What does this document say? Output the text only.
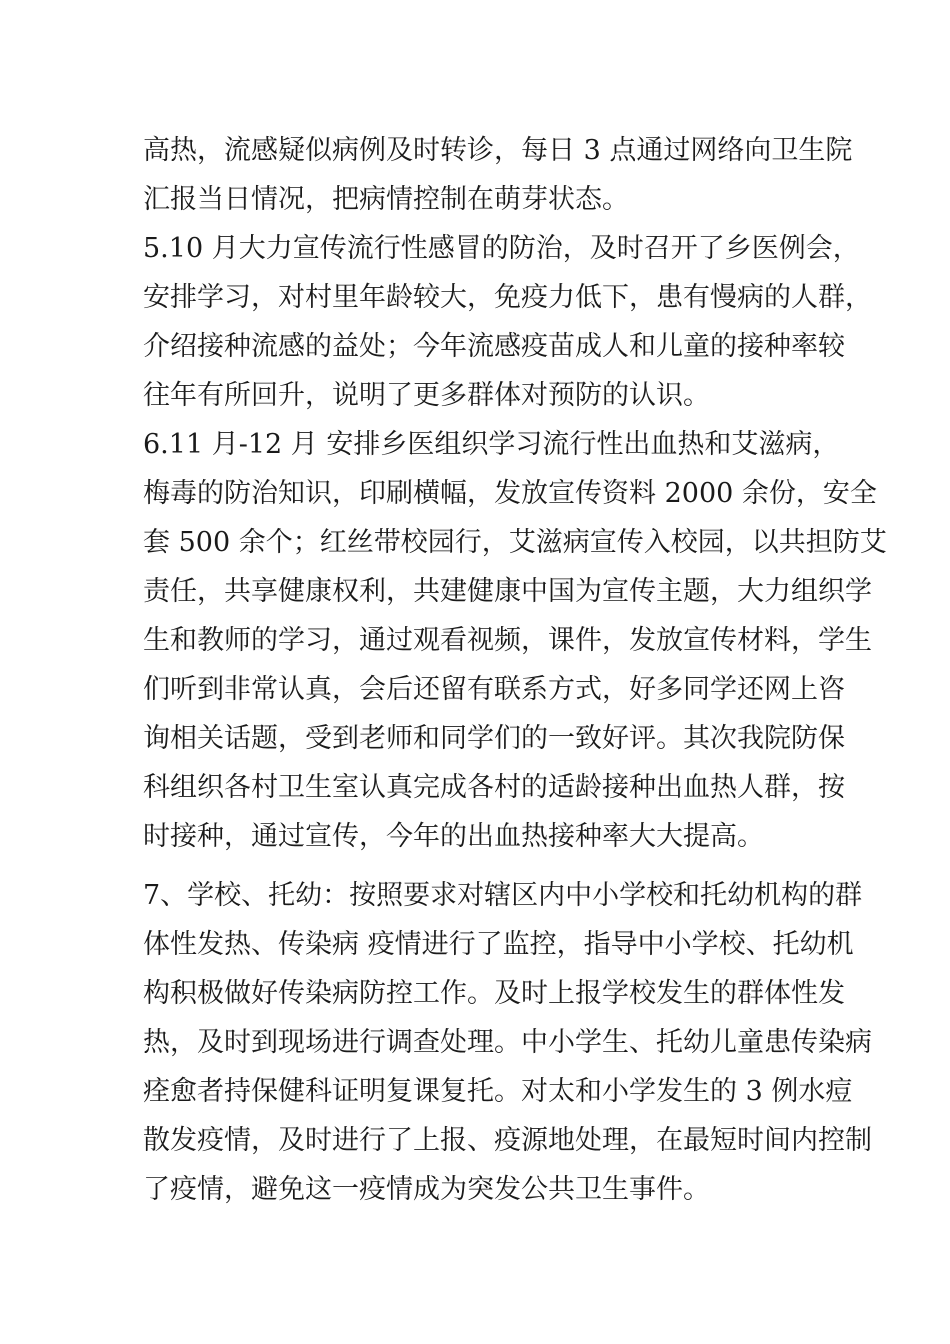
高热，流感疑似病例及时转诊，每日 3 点通过网络向卫生院
汇报当日情况，把病情控制在萌芽状态。
5.10 月大力宣传流行性感冒的防治，及时召开了乡医例会，
安排学习，对村里年龄较大，免疫力低下，患有慢病的人群，
介绍接种流感的益处；今年流感疫苗成人和儿童的接种率较
往年有所回升，说明了更多群体对预防的认识。
6.11 月-12 月 安排乡医组织学习流行性出血热和艾滋病，
梅毒的防治知识，印刷横幅，发放宣传资料 2000 余份，安全
套 500 余个；红丝带校园行，艾滋病宣传入校园，以共担防艾
责任，共享健康权利，共建健康中国为宣传主题，大力组织学
生和教师的学习，通过观看视频，课件，发放宣传材料，学生
们听到非常认真，会后还留有联系方式，好多同学还网上咨
询相关话题，受到老师和同学们的一致好评。其次我院防保
科组织各村卫生室认真完成各村的适龄接种出血热人群，按
时接种，通过宣传，今年的出血热接种率大大提高。
7、学校、托幼：按照要求对辖区内中小学校和托幼机构的群
体性发热、传染病 疫情进行了监控，指导中小学校、托幼机
构积极做好传染病防控工作。及时上报学校发生的群体性发
热，及时到现场进行调查处理。中小学生、托幼儿童患传染病
痊愈者持保健科证明复课复托。对太和小学发生的 3 例水痘
散发疫情，及时进行了上报、疫源地处理，在最短时间内控制
了疫情，避免这一疫情成为突发公共卫生事件。
